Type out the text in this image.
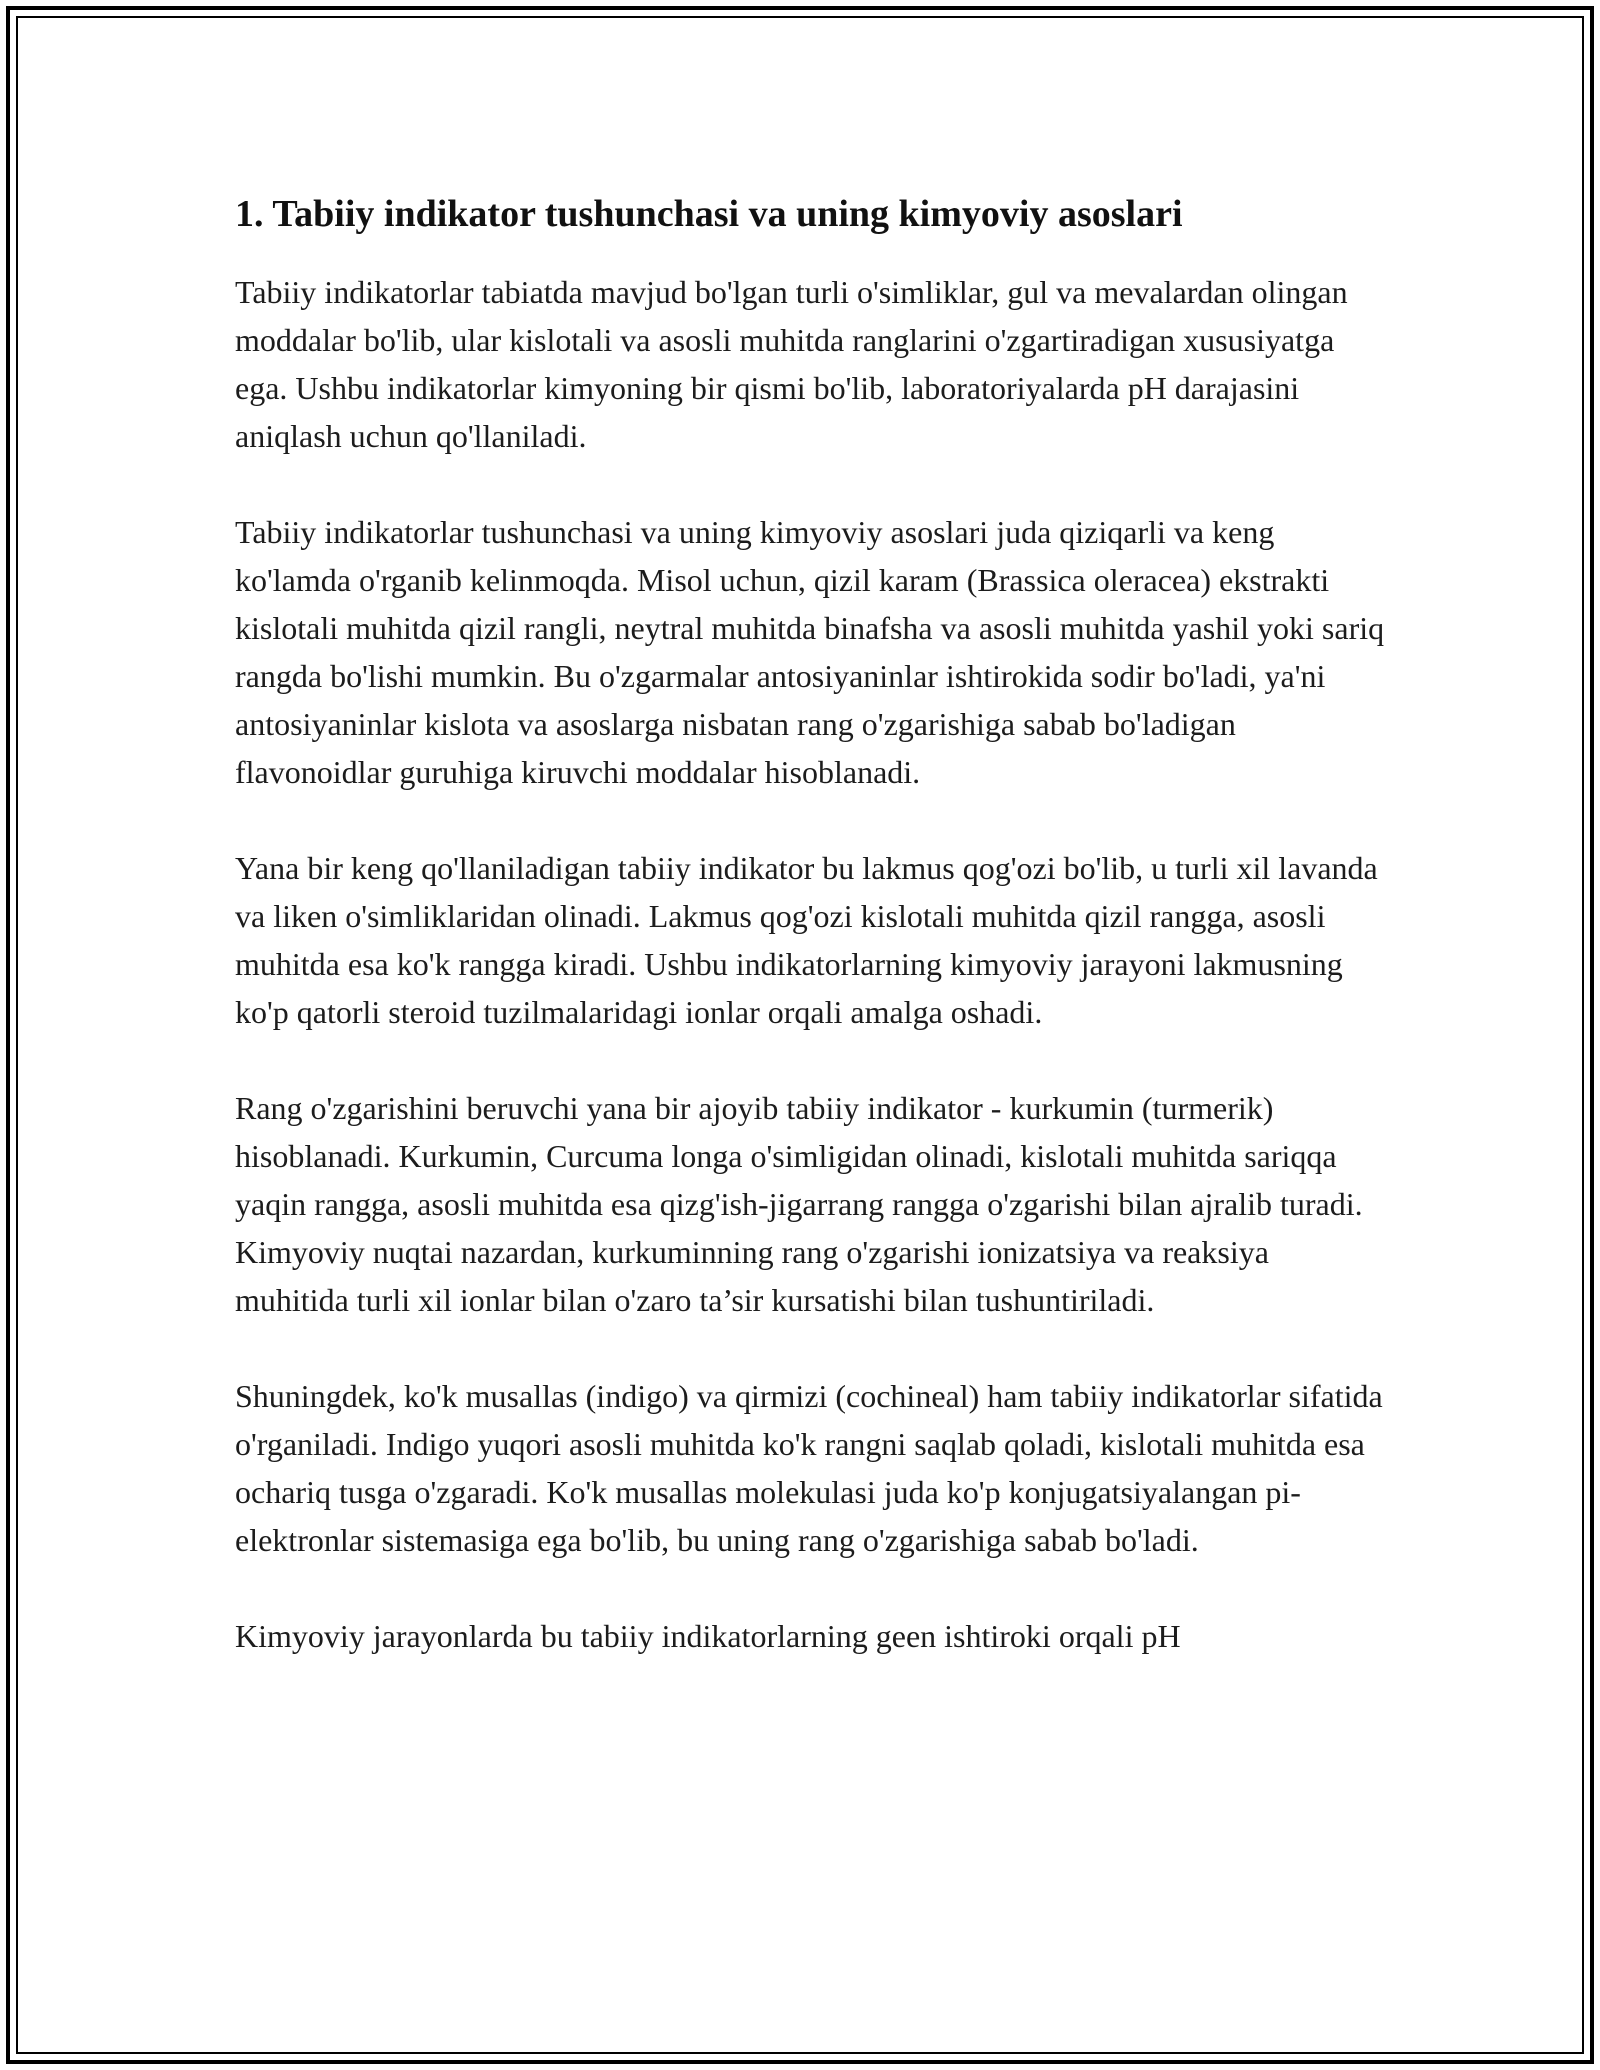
1. Tabiiy indikator tushunchasi va uning kimyoviy asoslari

Tabiiy indikatorlar tabiatda mavjud bo'lgan turli o'simliklar, gul va mevalardan olingan moddalar bo'lib, ular kislotali va asosli muhitda ranglarini o'zgartiradigan xususiyatga ega. Ushbu indikatorlar kimyoning bir qismi bo'lib, laboratoriyalarda pH darajasini aniqlash uchun qo'llaniladi.

Tabiiy indikatorlar tushunchasi va uning kimyoviy asoslari juda qiziqarli va keng ko'lamda o'rganib kelinmoqda. Misol uchun, qizil karam (Brassica oleracea) ekstrakti kislotali muhitda qizil rangli, neytral muhitda binafsha va asosli muhitda yashil yoki sariq rangda bo'lishi mumkin. Bu o'zgarmalar antosiyaninlar ishtirokida sodir bo'ladi, ya'ni antosiyaninlar kislota va asoslarga nisbatan rang o'zgarishiga sabab bo'ladigan flavonoidlar guruhiga kiruvchi moddalar hisoblanadi.

Yana bir keng qo'llaniladigan tabiiy indikator bu lakmus qog'ozi bo'lib, u turli xil lavanda va liken o'simliklaridan olinadi. Lakmus qog'ozi kislotali muhitda qizil rangga, asosli muhitda esa ko'k rangga kiradi. Ushbu indikatorlarning kimyoviy jarayoni lakmusning ko'p qatorli steroid tuzilmalaridagi ionlar orqali amalga oshadi.

Rang o'zgarishini beruvchi yana bir ajoyib tabiiy indikator - kurkumin (turmerik) hisoblanadi. Kurkumin, Curcuma longa o'simligidan olinadi, kislotali muhitda sariqqa yaqin rangga, asosli muhitda esa qizg'ish-jigarrang rangga o'zgarishi bilan ajralib turadi. Kimyoviy nuqtai nazardan, kurkuminning rang o'zgarishi ionizatsiya va reaksiya muhitida turli xil ionlar bilan o'zaro ta’sir kursatishi bilan tushuntiriladi.

Shuningdek, ko'k musallas (indigo) va qirmizi (cochineal) ham tabiiy indikatorlar sifatida o'rganiladi. Indigo yuqori asosli muhitda ko'k rangni saqlab qoladi, kislotali muhitda esa ochariq tusga o'zgaradi. Ko'k musallas molekulasi juda ko'p konjugatsiyalangan pi-elektronlar sistemasiga ega bo'lib, bu uning rang o'zgarishiga sabab bo'ladi.

Kimyoviy jarayonlarda bu tabiiy indikatorlarning geen ishtiroki orqali pH
